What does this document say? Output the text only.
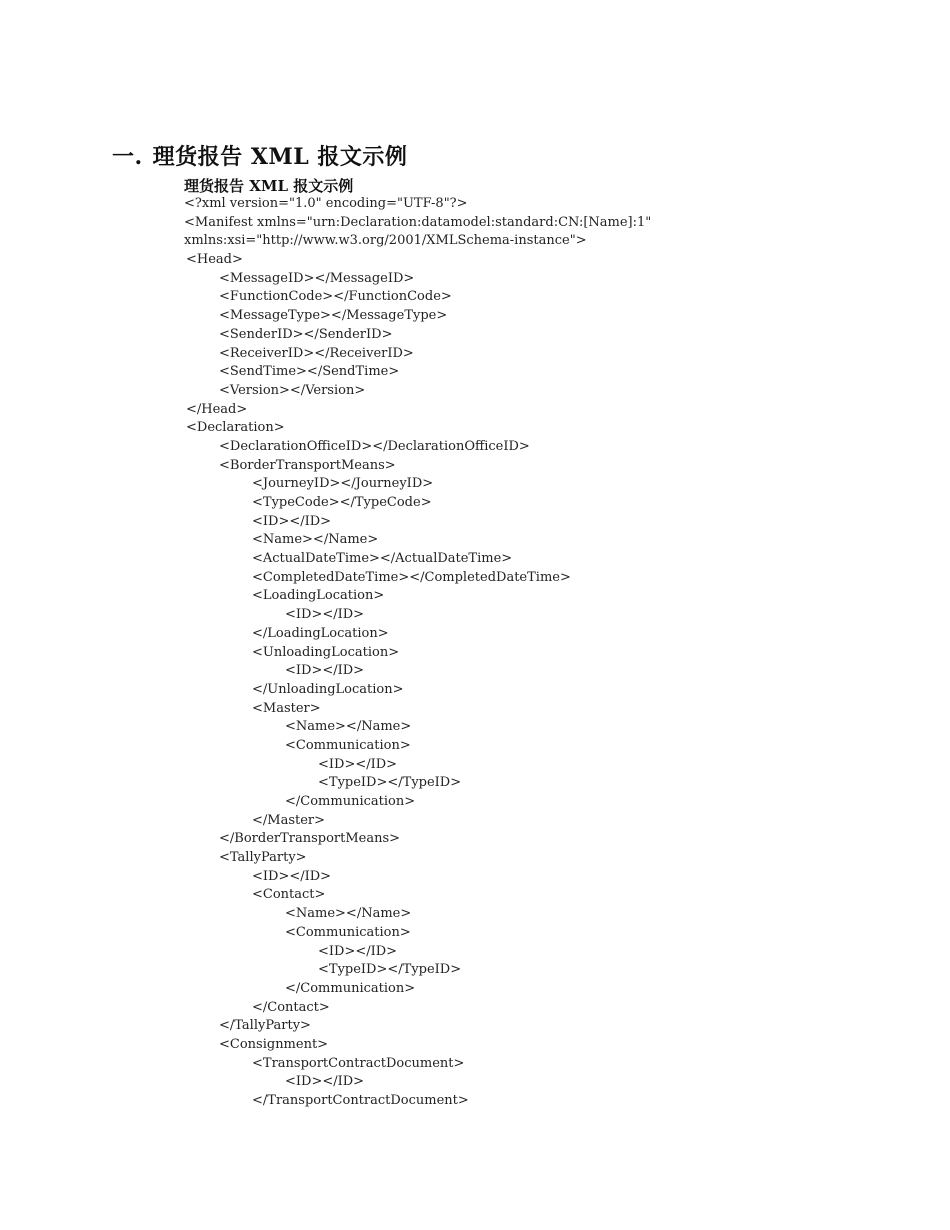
一. 理货报告 XML 报文示例
理货报告 XML 报文示例
<?xml version="1.0" encoding="UTF-8"?>
<Manifest xmlns="urn:Declaration:datamodel:standard:CN:[Name]:1"
xmlns:xsi="http://www.w3.org/2001/XMLSchema-instance">
<Head>
<MessageID></MessageID>
<FunctionCode></FunctionCode>
<MessageType></MessageType>
<SenderID></SenderID>
<ReceiverID></ReceiverID>
<SendTime></SendTime>
<Version></Version>
</Head>
<Declaration>
<DeclarationOfficeID></DeclarationOfficeID>
<BorderTransportMeans>
<JourneyID></JourneyID>
<TypeCode></TypeCode>
<ID></ID>
<Name></Name>
<ActualDateTime></ActualDateTime>
<CompletedDateTime></CompletedDateTime>
<LoadingLocation>
<ID></ID>
</LoadingLocation>
<UnloadingLocation>
<ID></ID>
</UnloadingLocation>
<Master>
<Name></Name>
<Communication>
<ID></ID>
<TypeID></TypeID>
</Communication>
</Master>
</BorderTransportMeans>
<TallyParty>
<ID></ID>
<Contact>
<Name></Name>
<Communication>
<ID></ID>
<TypeID></TypeID>
</Communication>
</Contact>
</TallyParty>
<Consignment>
<TransportContractDocument>
<ID></ID>
</TransportContractDocument>
